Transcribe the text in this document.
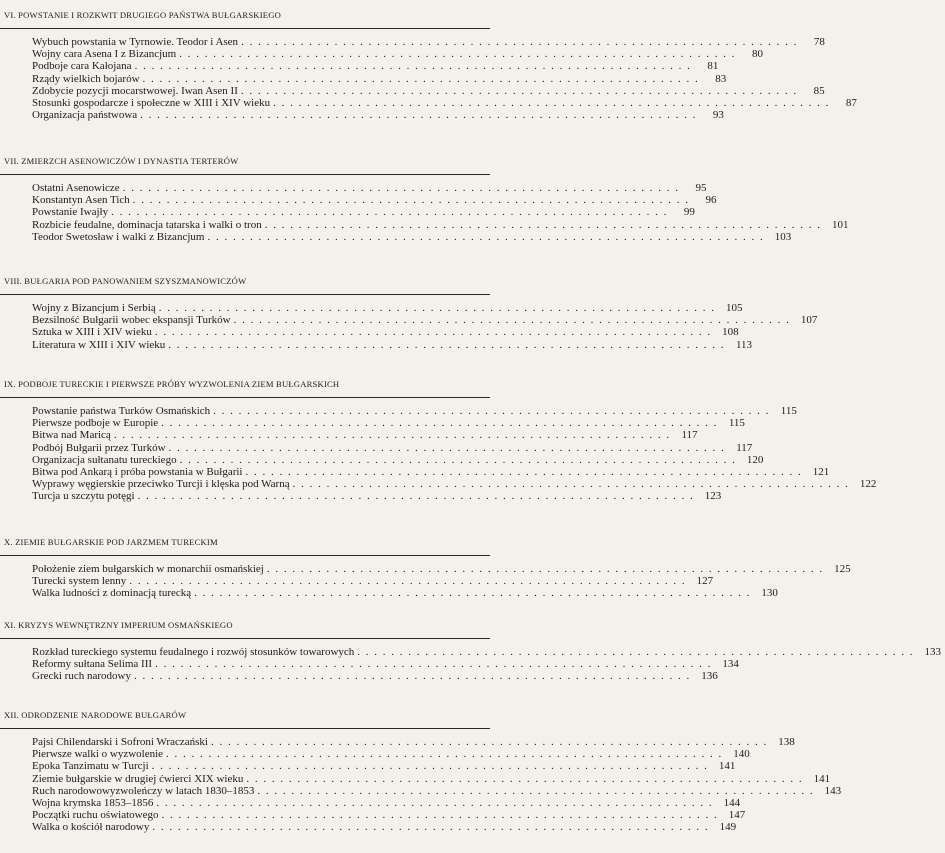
VI. POWSTANIE I ROZKWIT DRUGIEGO PAŃSTWA BUŁGARSKIEGO
Wybuch powstania w Tyrnowie. Teodor i Asen . . .	78
Wojny cara Asena I z Bizancjum . . .	80
Podboje cara Kałojana . . .	81
Rządy wielkich bojarów . . .	83
Zdobycie pozycji mocarstwowej. Iwan Asen II . . .	85
Stosunki gospodarcze i społeczne w XIII i XIV wieku . . .	87
Organizacja państwowa . . .	93
VII. ZMIERZCH ASENOWICZÓW I DYNASTIA TERTERÓW
Ostatni Asenowicze . . .	95
Konstantyn Asen Tich . . .	96
Powstanie Iwajły . . .	99
Rozbicie feudalne, dominacja tatarska i walki o tron . . .	101
Teodor Swetosław i walki z Bizancjum . . .	103
VIII. BUŁGARIA POD PANOWANIEM SZYSZMANOWICZÓW
Wojny z Bizancjum i Serbią . . .	105
Bezsilność Bułgarii wobec ekspansji Turków . . .	107
Sztuka w XIII i XIV wieku . . .	108
Literatura w XIII i XIV wieku . . .	113
IX. PODBOJE TURECKIE I PIERWSZE PRÓBY WYZWOLENIA ZIEM BUŁGARSKICH
Powstanie państwa Turków Osmańskich . . .	115
Pierwsze podboje w Europie . . .	115
Bitwa nad Maricą . . .	117
Podbój Bułgarii przez Turków . . .	117
Organizacja sułtanatu tureckiego . . .	120
Bitwa pod Ankarą i próba powstania w Bułgarii . . .	121
Wyprawy węgierskie przeciwko Turcji i klęska pod Warną . . .	122
Turcja u szczytu potęgi . . .	123
X. ZIEMIE BUŁGARSKIE POD JARZMEM TURECKIM
Położenie ziem bułgarskich w monarchii osmańskiej . . .	125
Turecki system lenny . . .	127
Walka ludności z dominacją turecką . . .	130
XI. KRYZYS WEWNĘTRZNY IMPERIUM OSMAŃSKIEGO
Rozkład tureckiego systemu feudalnego i rozwój stosunków towarowych . . .	133
Reformy sułtana Selima III . . .	134
Grecki ruch narodowy . . .	136
XII. ODRODZENIE NARODOWE BUŁGARÓW
Pajsi Chilendarski i Sofroni Wraczański . . .	138
Pierwsze walki o wyzwolenie . . .	140
Epoka Tanzimatu w Turcji . . .	141
Ziemie bułgarskie w drugiej ćwierci XIX wieku . . .	141
Ruch narodowowyzwoleńczy w latach 1830–1853 . . .	143
Wojna krymska 1853–1856 . . .	144
Początki ruchu oświatowego . . .	147
Walka o kościół narodowy . . .	149
